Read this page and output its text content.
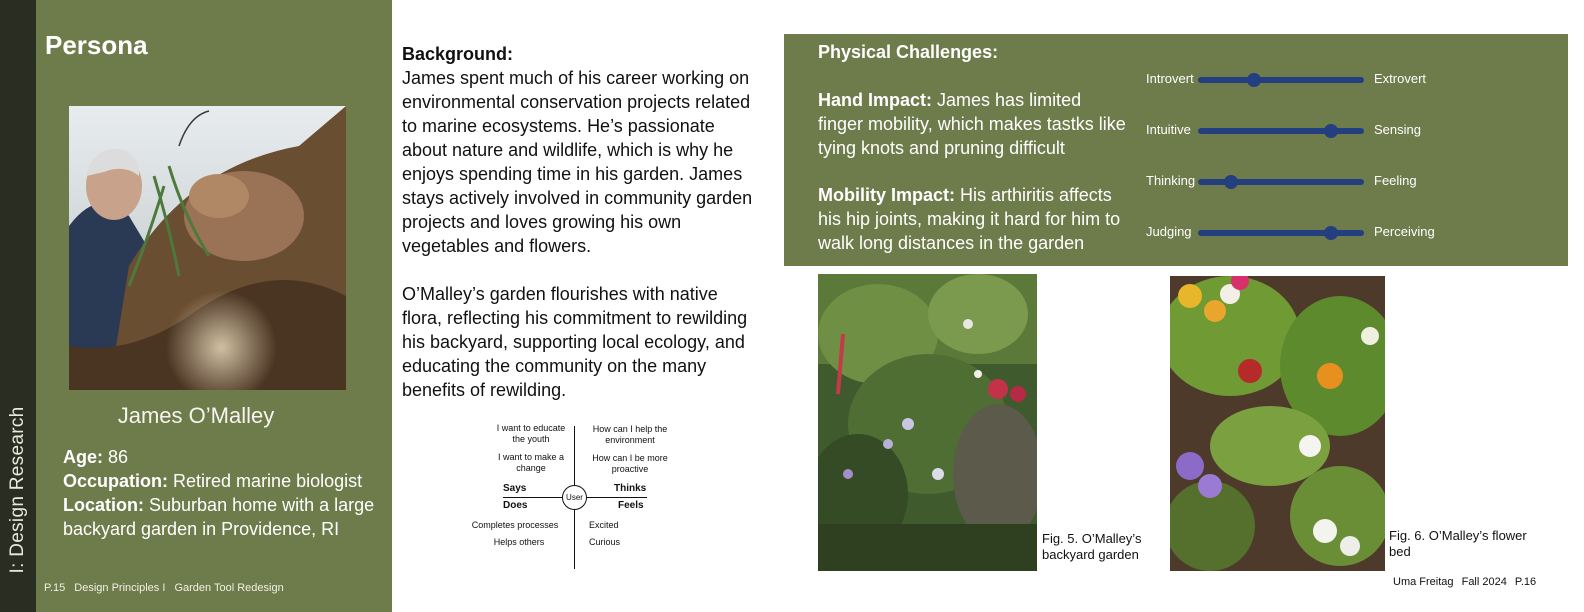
I: Design Research
Persona
James O’Malley
Age: 86
Occupation: Retired marine biologist
Location: Suburban home with a large backyard garden in Providence, RI
P.15 Design Principles I Garden Tool Redesign
Background:

James spent much of his career working on environmental conservation projects related to marine ecosystems. He’s passionate about nature and wildlife, which is why he enjoys spending time in his garden. James stays actively involved in community garden projects and loves growing his own vegetables and flowers.

O’Malley’s garden flourishes with native flora, reflecting his commitment to rewilding his backyard, supporting local ecology, and educating the community on the many benefits of rewilding.

User
I want to educate the youth
I want to make a change
How can I help the environment
How can I be more proactive
Says	Thinks
Does	Feels
Completes processes
Helps others
Excited
Curious
Physical Challenges:
Hand Impact: James has limited finger mobility, which makes tastks like tying knots and pruning difficult
Mobility Impact: His arthiritis affects his hip joints, making it hard for him to walk long distances in the garden
Introvert	Extrovert
Intuitive	Sensing
Thinking	Feeling
Judging	Perceiving
Fig. 5. O’Malley’s backyard garden
Fig. 6. O’Malley’s flower bed
Uma Freitag Fall 2024 P.16
